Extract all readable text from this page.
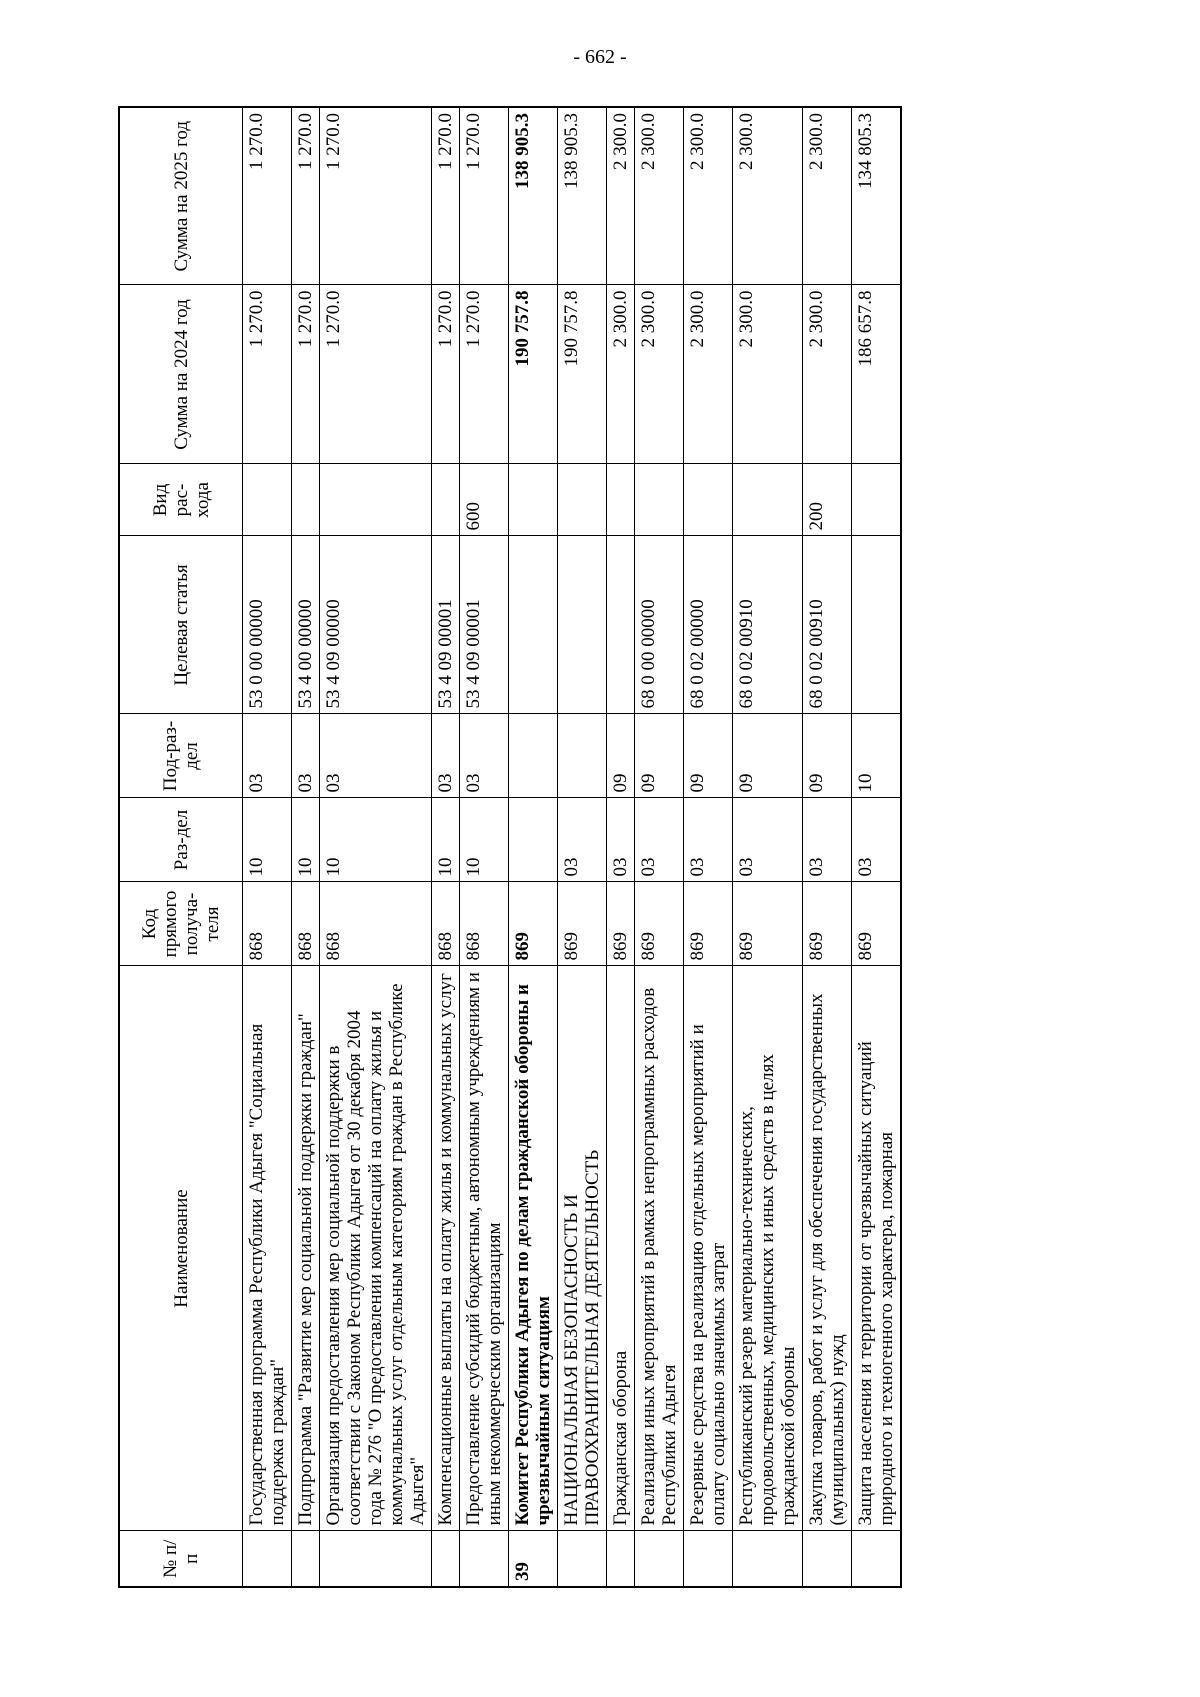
- 662 -
№ п/п	Наименование	Код прямого получа-теля	Раз-дел	Под-раз-дел	Целевая статья	Вид рас-хода	Сумма на 2024 год	Сумма на 2025 год
	Государственная программа Республики Адыгея "Социальная поддержка граждан"	868	10	03	53 0 00 00000		1 270.0	1 270.0
	Подпрограмма "Развитие мер социальной поддержки граждан"	868	10	03	53 4 00 00000		1 270.0	1 270.0
	Организация предоставления мер социальной поддержки в соответствии с Законом Республики Адыгея от 30 декабря 2004 года № 276 "О предоставлении компенсаций на оплату жилья и коммунальных услуг отдельным категориям граждан в Республике Адыгея"	868	10	03	53 4 09 00000		1 270.0	1 270.0
	Компенсационные выплаты на оплату жилья и коммунальных услуг	868	10	03	53 4 09 00001		1 270.0	1 270.0
	Предоставление субсидий бюджетным, автономным учреждениям и иным некоммерческим организациям	868	10	03	53 4 09 00001	600	1 270.0	1 270.0
39	Комитет Республики Адыгея по делам гражданской обороны и чрезвычайным ситуациям	869					190 757.8	138 905.3
	НАЦИОНАЛЬНАЯ БЕЗОПАСНОСТЬ И ПРАВООХРАНИТЕЛЬНАЯ ДЕЯТЕЛЬНОСТЬ	869	03				190 757.8	138 905.3
	Гражданская оборона	869	03	09			2 300.0	2 300.0
	Реализация иных мероприятий в рамках непрограммных расходов Республики Адыгея	869	03	09	68 0 00 00000		2 300.0	2 300.0
	Резервные средства на реализацию отдельных мероприятий и оплату социально значимых затрат	869	03	09	68 0 02 00000		2 300.0	2 300.0
	Республиканский резерв материально-технических, продовольственных, медицинских и иных средств в целях гражданской обороны	869	03	09	68 0 02 00910		2 300.0	2 300.0
	Закупка товаров, работ и услуг для обеспечения государственных (муниципальных) нужд	869	03	09	68 0 02 00910	200	2 300.0	2 300.0
	Защита населения и территории от чрезвычайных ситуаций природного и техногенного характера, пожарная	869	03	10			186 657.8	134 805.3
